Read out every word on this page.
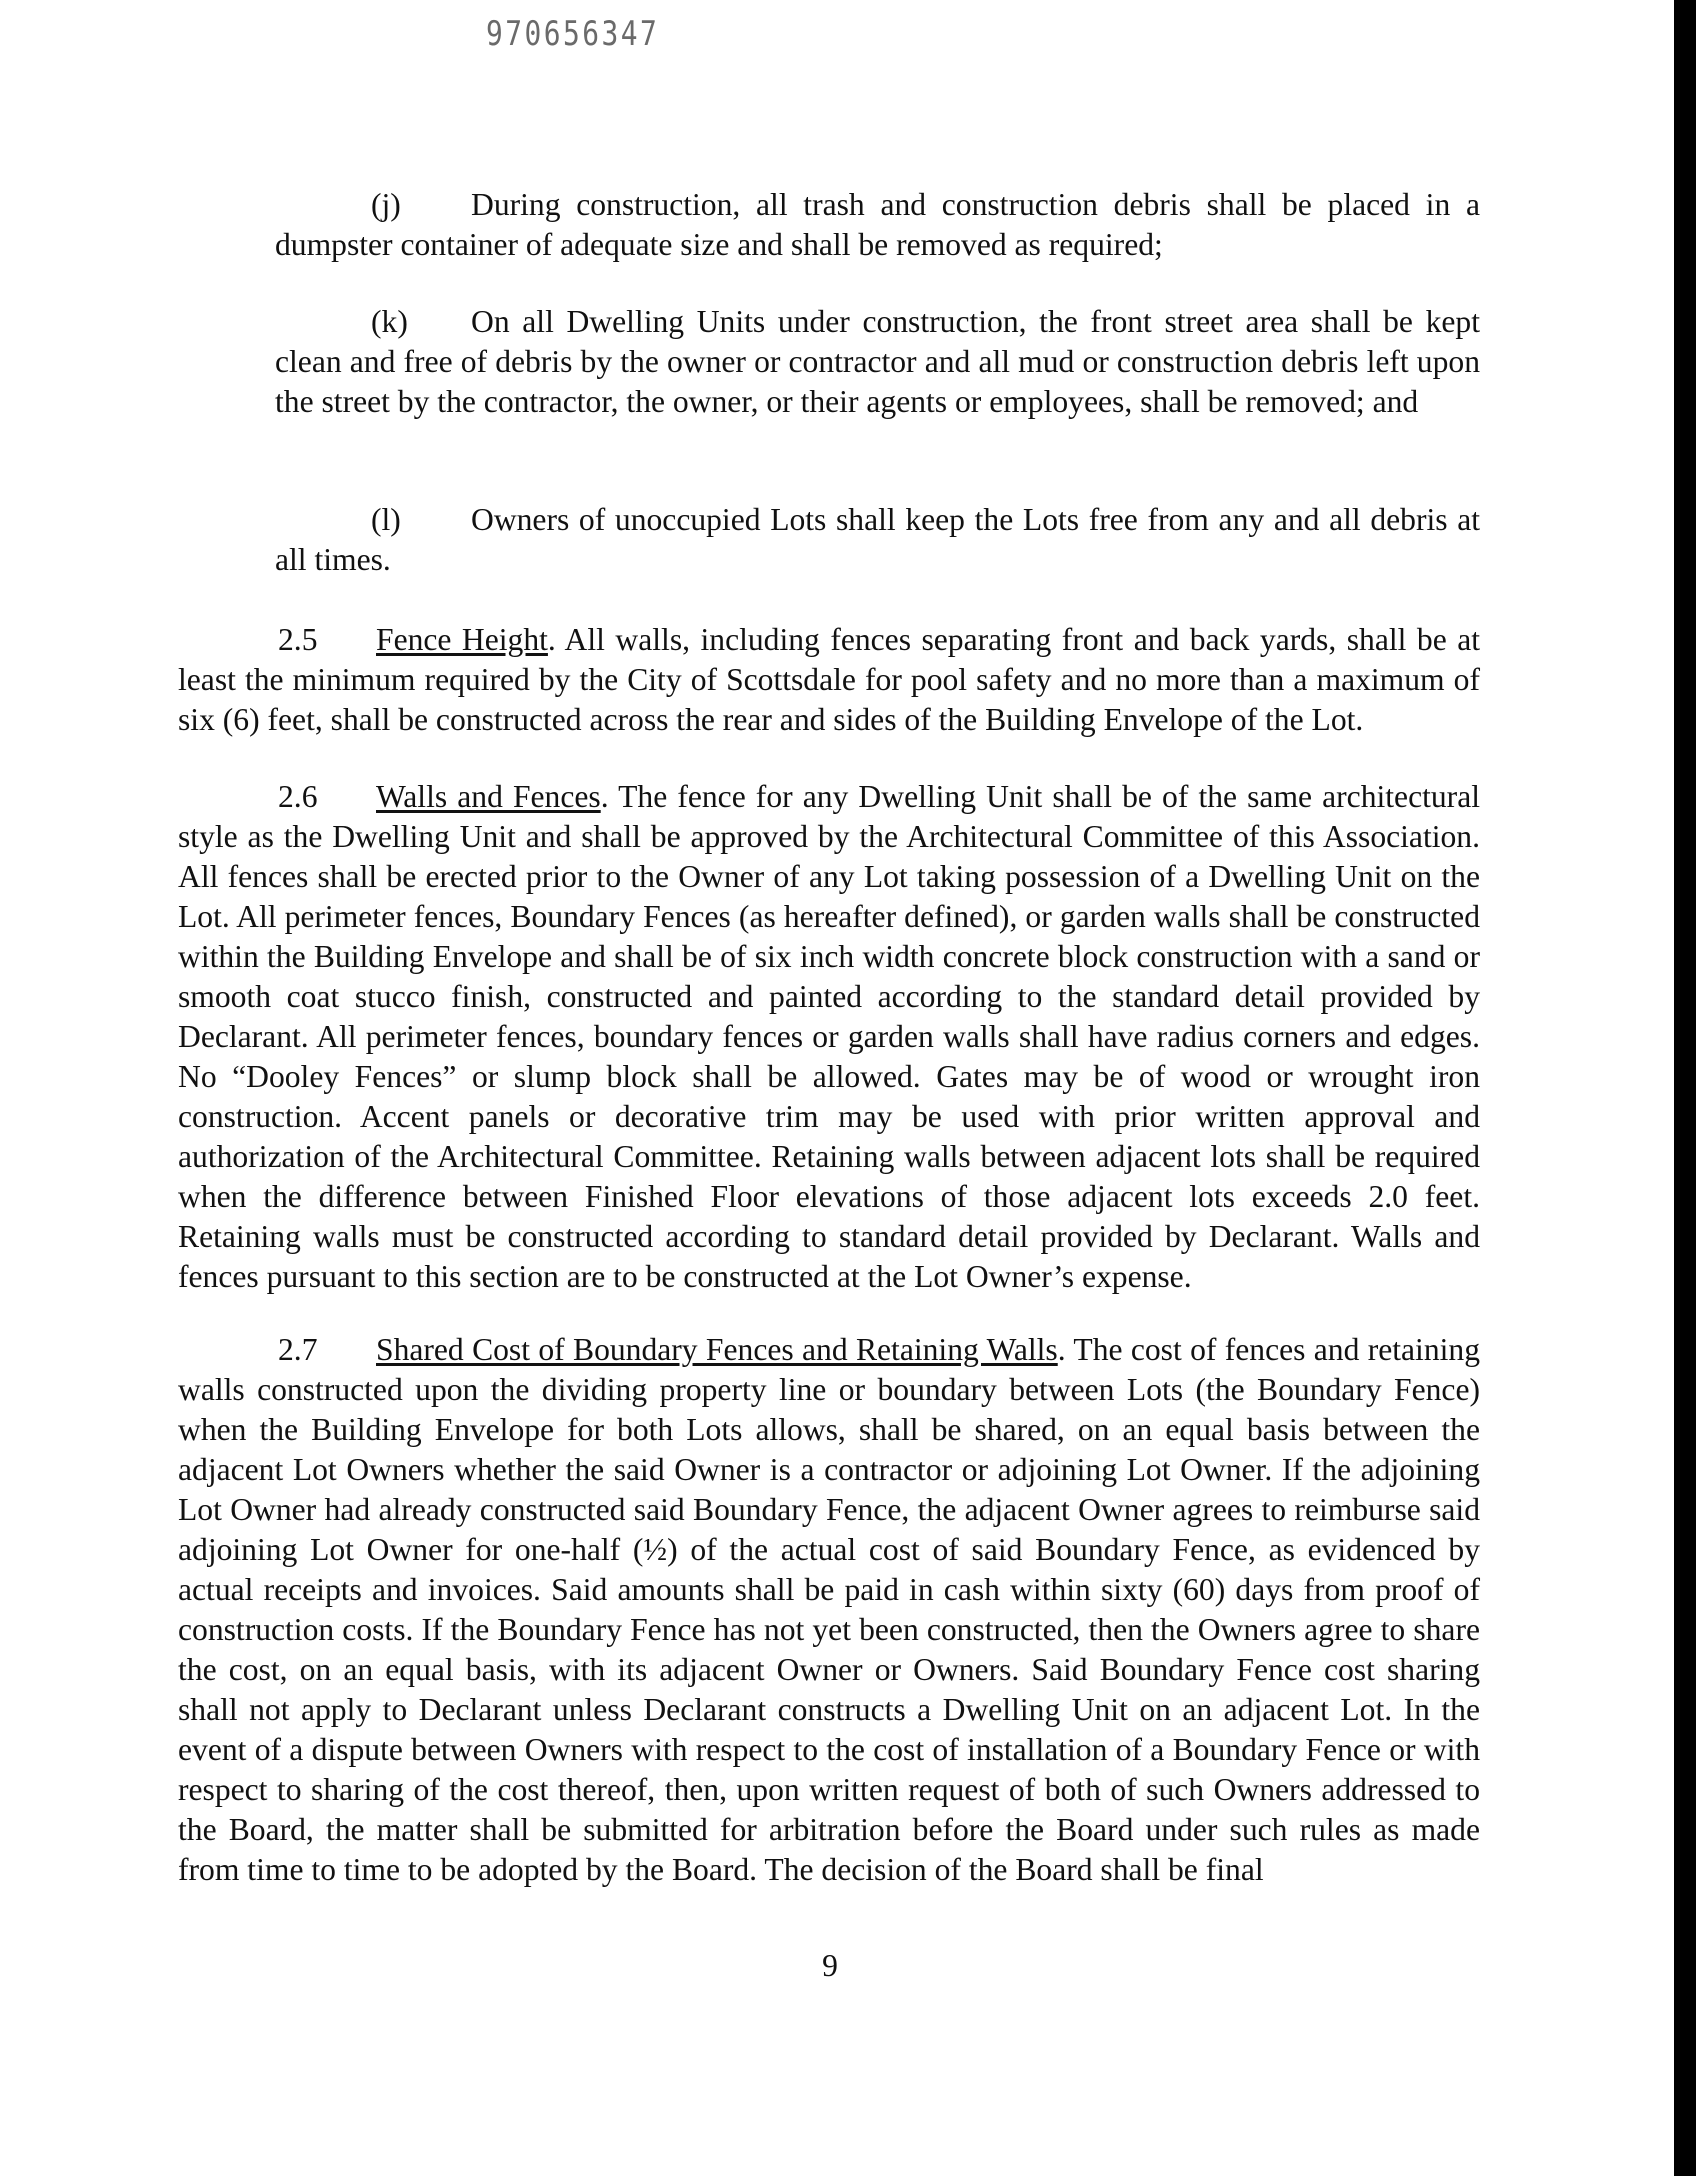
970656347

(j) During construction, all trash and construction debris shall be placed in a dumpster container of adequate size and shall be removed as required;

(k) On all Dwelling Units under construction, the front street area shall be kept clean and free of debris by the owner or contractor and all mud or construction debris left upon the street by the contractor, the owner, or their agents or employees, shall be removed; and

(l) Owners of unoccupied Lots shall keep the Lots free from any and all debris at all times.

2.5 Fence Height. All walls, including fences separating front and back yards, shall be at least the minimum required by the City of Scottsdale for pool safety and no more than a maximum of six (6) feet, shall be constructed across the rear and sides of the Building Envelope of the Lot.

2.6 Walls and Fences. The fence for any Dwelling Unit shall be of the same architectural style as the Dwelling Unit and shall be approved by the Architectural Committee of this Association. All fences shall be erected prior to the Owner of any Lot taking possession of a Dwelling Unit on the Lot. All perimeter fences, Boundary Fences (as hereafter defined), or garden walls shall be constructed within the Building Envelope and shall be of six inch width concrete block construction with a sand or smooth coat stucco finish, constructed and painted according to the standard detail provided by Declarant. All perimeter fences, boundary fences or garden walls shall have radius corners and edges. No “Dooley Fences” or slump block shall be allowed. Gates may be of wood or wrought iron construction. Accent panels or decorative trim may be used with prior written approval and authorization of the Architectural Committee. Retaining walls between adjacent lots shall be required when the difference between Finished Floor elevations of those adjacent lots exceeds 2.0 feet. Retaining walls must be constructed according to standard detail provided by Declarant. Walls and fences pursuant to this section are to be constructed at the Lot Owner’s expense.

2.7 Shared Cost of Boundary Fences and Retaining Walls. The cost of fences and retaining walls constructed upon the dividing property line or boundary between Lots (the Boundary Fence) when the Building Envelope for both Lots allows, shall be shared, on an equal basis between the adjacent Lot Owners whether the said Owner is a contractor or adjoining Lot Owner. If the adjoining Lot Owner had already constructed said Boundary Fence, the adjacent Owner agrees to reimburse said adjoining Lot Owner for one-half (½) of the actual cost of said Boundary Fence, as evidenced by actual receipts and invoices. Said amounts shall be paid in cash within sixty (60) days from proof of construction costs. If the Boundary Fence has not yet been constructed, then the Owners agree to share the cost, on an equal basis, with its adjacent Owner or Owners. Said Boundary Fence cost sharing shall not apply to Declarant unless Declarant constructs a Dwelling Unit on an adjacent Lot. In the event of a dispute between Owners with respect to the cost of installation of a Boundary Fence or with respect to sharing of the cost thereof, then, upon written request of both of such Owners addressed to the Board, the matter shall be submitted for arbitration before the Board under such rules as made from time to time to be adopted by the Board. The decision of the Board shall be final

9
